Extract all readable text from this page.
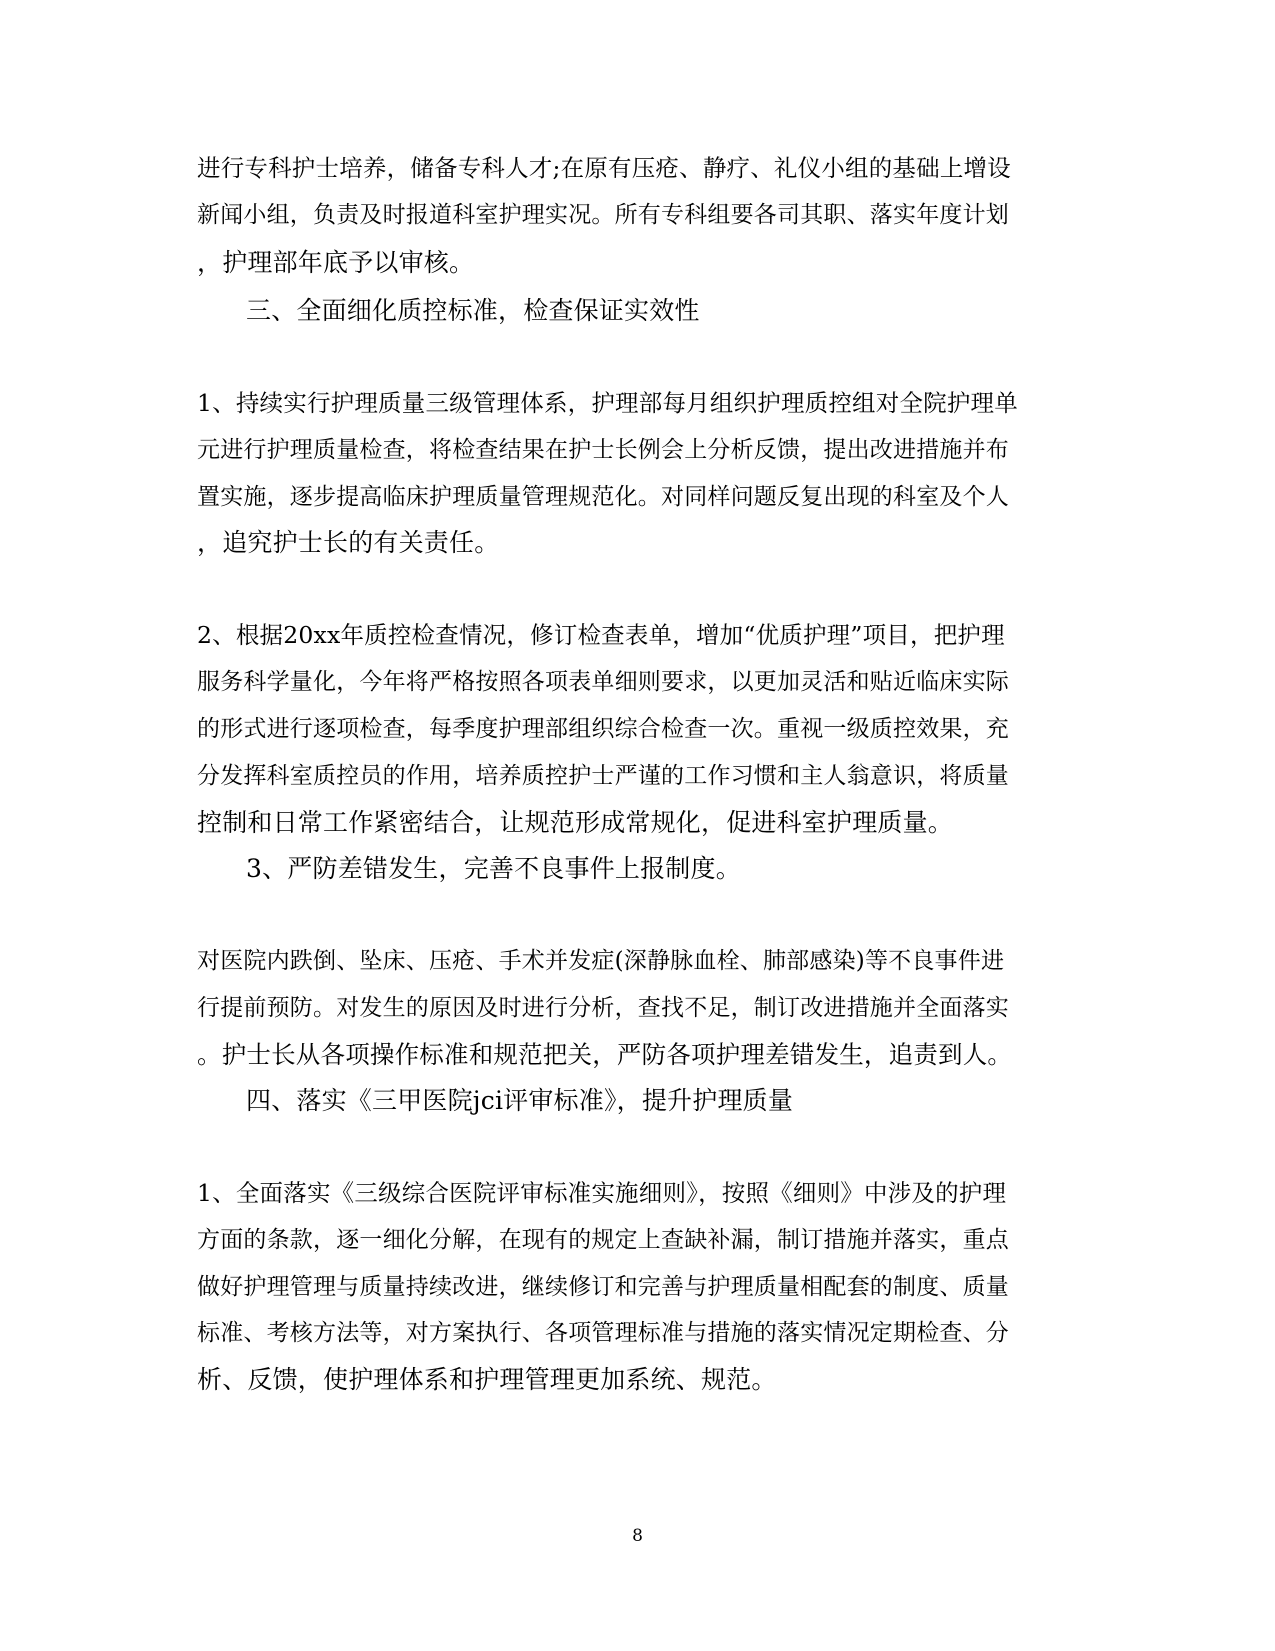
进行专科护士培养，储备专科人才;在原有压疮、静疗、礼仪小组的基础上增设
新闻小组，负责及时报道科室护理实况。所有专科组要各司其职、落实年度计划
，护理部年底予以审核。
三、全面细化质控标准，检查保证实效性
1、持续实行护理质量三级管理体系，护理部每月组织护理质控组对全院护理单
元进行护理质量检查，将检查结果在护士长例会上分析反馈，提出改进措施并布
置实施，逐步提高临床护理质量管理规范化。对同样问题反复出现的科室及个人
，追究护士长的有关责任。
2、根据20xx年质控检查情况，修订检查表单，增加“优质护理”项目，把护理
服务科学量化，今年将严格按照各项表单细则要求，以更加灵活和贴近临床实际
的形式进行逐项检查，每季度护理部组织综合检查一次。重视一级质控效果，充
分发挥科室质控员的作用，培养质控护士严谨的工作习惯和主人翁意识，将质量
控制和日常工作紧密结合，让规范形成常规化，促进科室护理质量。
3、严防差错发生，完善不良事件上报制度。
对医院内跌倒、坠床、压疮、手术并发症(深静脉血栓、肺部感染)等不良事件进
行提前预防。对发生的原因及时进行分析，查找不足，制订改进措施并全面落实
。护士长从各项操作标准和规范把关，严防各项护理差错发生，追责到人。
四、落实《三甲医院jci评审标准》，提升护理质量
1、全面落实《三级综合医院评审标准实施细则》，按照《细则》中涉及的护理
方面的条款，逐一细化分解，在现有的规定上查缺补漏，制订措施并落实，重点
做好护理管理与质量持续改进，继续修订和完善与护理质量相配套的制度、质量
标准、考核方法等，对方案执行、各项管理标准与措施的落实情况定期检查、分
析、反馈，使护理体系和护理管理更加系统、规范。
8
